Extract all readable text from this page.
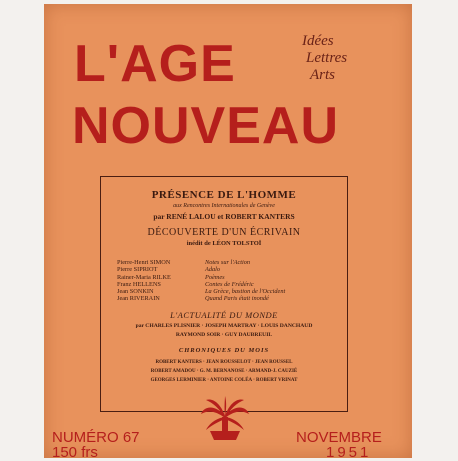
L'AGE
NOUVEAU
Idées
Lettres
Arts
PRÉSENCE DE L'HOMME
aux Rencontres Internationales de Genève
par RENÉ LALOU et ROBERT KANTERS
DÉCOUVERTE D'UN ÉCRIVAIN
inédit de LÉON TOLSTOÏ
Pierre-Henri SIMON
Pierre SIPRIOT
Rainer-Maria RILKE
Franz HELLENS
Jean SONKIN
Jean RIVERAIN
Notes sur l'Action
Adalo
Poèmes
Contes de Frédéric
La Grèce, bastion de l'Occident
Quand Paris était inondé
L'ACTUALITÉ DU MONDE
par CHARLES PLISNIER · JOSEPH MARTRAY · LOUIS DANCHAUD
RAYMOND SOIR · GUY DAUBREUIL
CHRONIQUES DU MOIS
ROBERT KANTERS · JEAN ROUSSELOT · JEAN ROUSSEL
ROBERT AMADOU · G. M. BERNANOSE · ARMAND-J. CAUZIÉ
GEORGES LERMINIER · ANTOINE COLÉA · ROBERT VRINAT
NUMÉRO 67
150 frs
NOVEMBRE
1951
